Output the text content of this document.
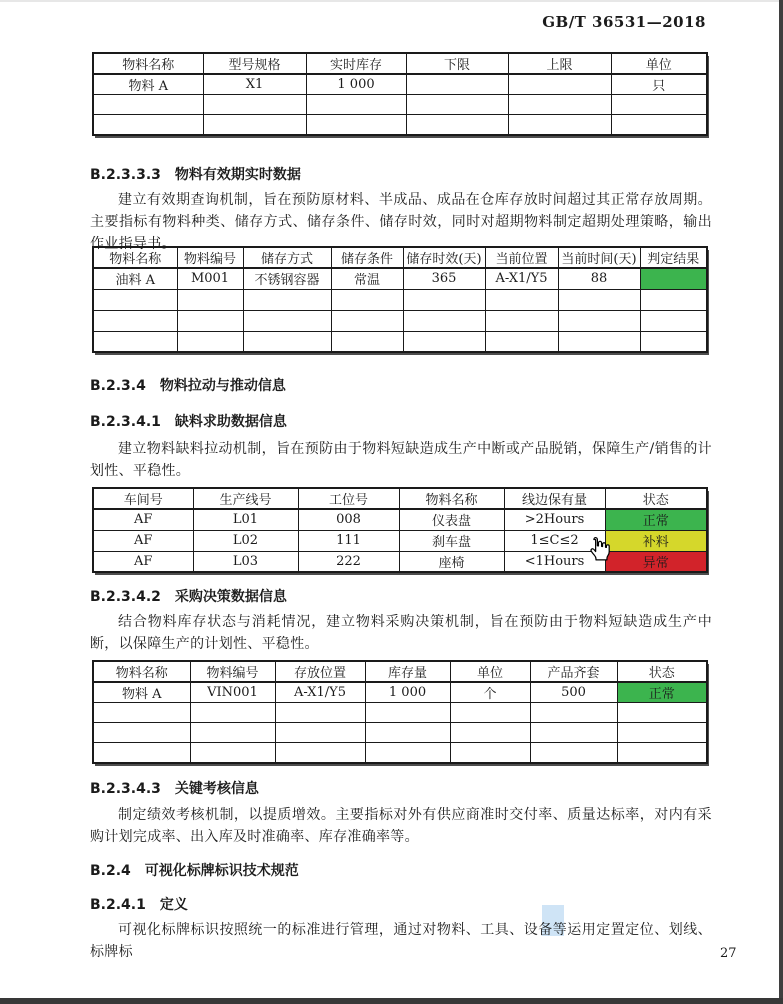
GB/T 36531—2018
物料名称	型号规格	实时库存	下限	上限	单位
物料 A	X1	1 000			只

B.2.3.3.3 物料有效期实时数据

建立有效期查询机制，旨在预防原材料、半成品、成品在仓库存放时间超过其正常存放周期。主要指标有物料种类、储存方式、储存条件、储存时效，同时对超期物料制定超期处理策略，输出作业指导书。

物料名称	物料编号	储存方式	储存条件	储存时效(天)	当前位置	当前时间(天)	判定结果
油料 A	M001	不锈钢容器	常温	365	A-X1/Y5	88	

B.2.3.4 物料拉动与推动信息
B.2.3.4.1 缺料求助数据信息

建立物料缺料拉动机制，旨在预防由于物料短缺造成生产中断或产品脱销，保障生产/销售的计划性、平稳性。

车间号	生产线号	工位号	物料名称	线边保有量	状态
AF	L01	008	仪表盘	>2Hours	正常
AF	L02	111	刹车盘	1≤C≤2	补料
AF	L03	222	座椅	<1Hours	异常
B.2.3.4.2 采购决策数据信息

结合物料库存状态与消耗情况，建立物料采购决策机制，旨在预防由于物料短缺造成生产中断，以保障生产的计划性、平稳性。

物料名称	物料编号	存放位置	库存量	单位	产品齐套	状态
物料 A	VIN001	A-X1/Y5	1 000	个	500	正常

B.2.3.4.3 关键考核信息

制定绩效考核机制，以提质增效。主要指标对外有供应商准时交付率、质量达标率，对内有采购计划完成率、出入库及时准确率、库存准确率等。

B.2.4 可视化标牌标识技术规范
B.2.4.1 定义

可视化标牌标识按照统一的标准进行管理，通过对物料、工具、设备等运用定置定位、划线、标牌标	27
